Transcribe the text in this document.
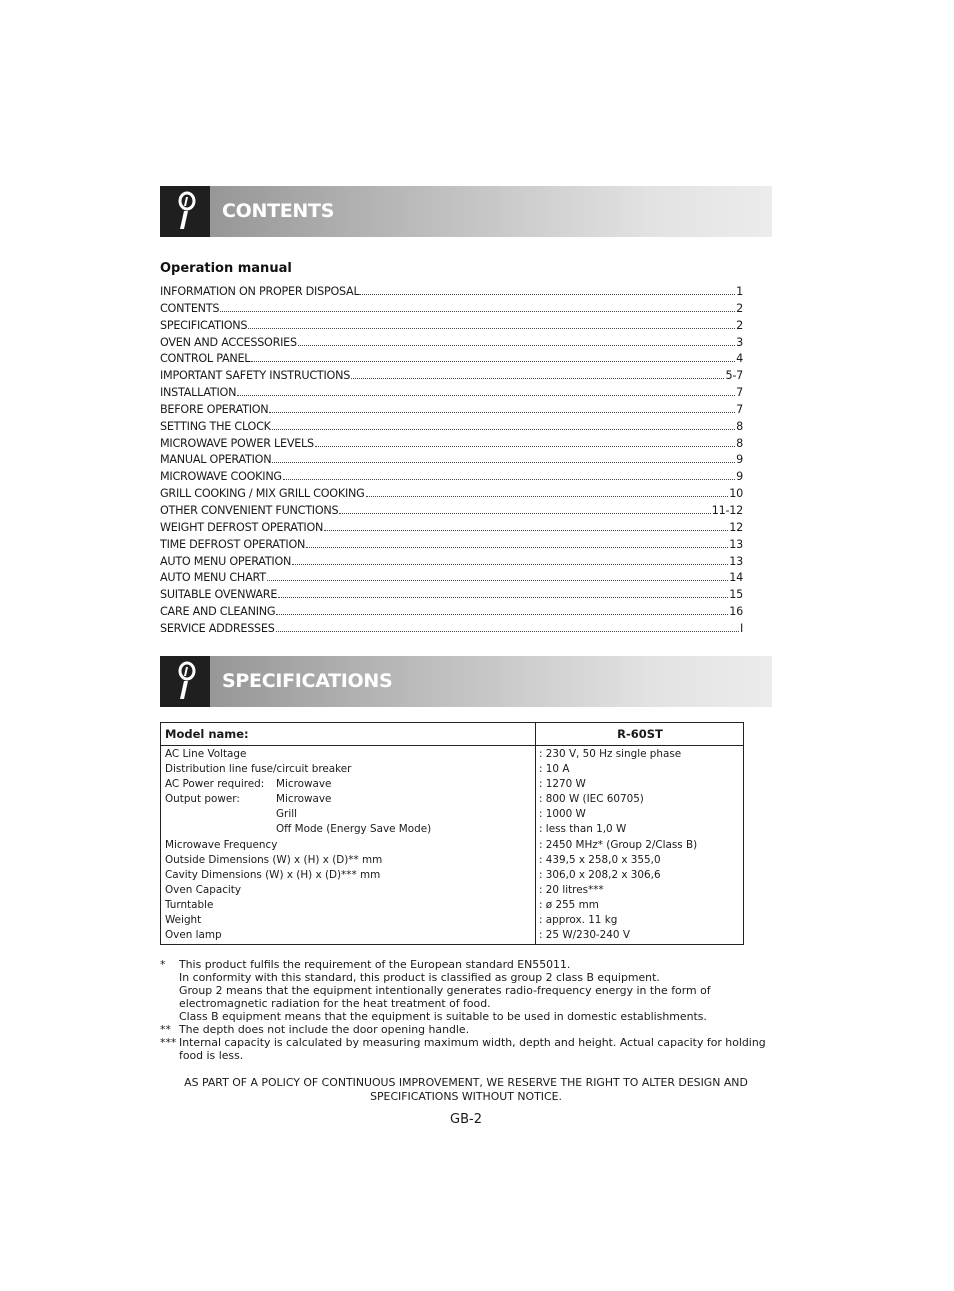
CONTENTS
Operation manual
INFORMATION ON PROPER DISPOSAL	1
CONTENTS	2
SPECIFICATIONS	2
OVEN AND ACCESSORIES	3
CONTROL PANEL	4
IMPORTANT SAFETY INSTRUCTIONS	5-7
INSTALLATION	7
BEFORE OPERATION	7
SETTING THE CLOCK	8
MICROWAVE POWER LEVELS	8
MANUAL OPERATION	9
MICROWAVE COOKING	9
GRILL COOKING / MIX GRILL COOKING	10
OTHER CONVENIENT FUNCTIONS	11-12
WEIGHT DEFROST OPERATION	12
TIME DEFROST OPERATION	13
AUTO MENU OPERATION	13
AUTO MENU CHART	14
SUITABLE OVENWARE	15
CARE AND CLEANING	16
SERVICE ADDRESSES	I
SPECIFICATIONS
Model name:	R-60ST
AC Line Voltage	: 230 V, 50 Hz single phase
Distribution line fuse/circuit breaker	: 10 A
AC Power required: Microwave	: 1270 W
Output power:	Microwave	: 800 W (IEC 60705)
Grill	: 1000 W
Off Mode (Energy Save Mode)	: less than 1,0 W
Microwave Frequency	: 2450 MHz* (Group 2/Class B)
Outside Dimensions (W) x (H) x (D)** mm	: 439,5 x 258,0 x 355,0
Cavity Dimensions (W) x (H) x (D)*** mm	: 306,0 x 208,2 x 306,6
Oven Capacity	: 20 litres***
Turntable	: ø 255 mm
Weight	: approx. 11 kg
Oven lamp	: 25 W/230-240 V
* This product fulfils the requirement of the European standard EN55011.
In conformity with this standard, this product is classified as group 2 class B equipment.
Group 2 means that the equipment intentionally generates radio-frequency energy in the form of electromagnetic radiation for the heat treatment of food.
Class B equipment means that the equipment is suitable to be used in domestic establishments.
** The depth does not include the door opening handle.
*** Internal capacity is calculated by measuring maximum width, depth and height. Actual capacity for holding food is less.
AS PART OF A POLICY OF CONTINUOUS IMPROVEMENT, WE RESERVE THE RIGHT TO ALTER DESIGN AND SPECIFICATIONS WITHOUT NOTICE.
GB-2
